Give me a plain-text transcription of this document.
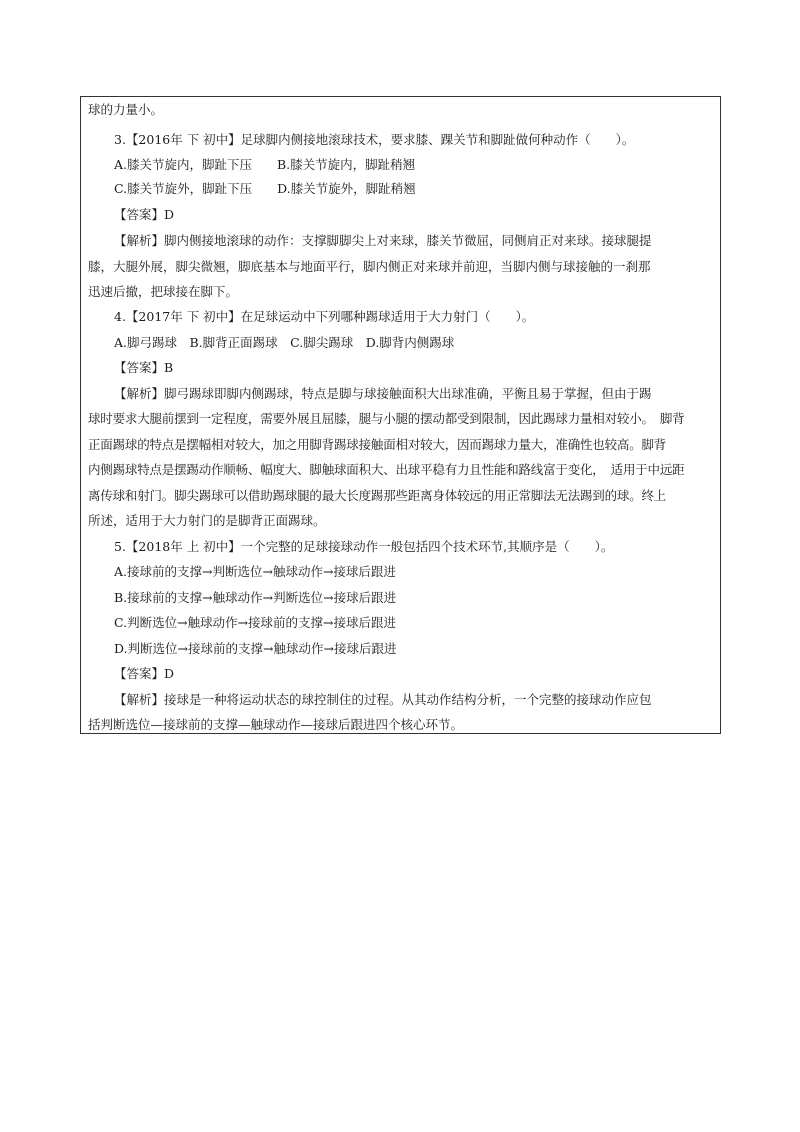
球的力量小。
3.【2016年 下 初中】足球脚内侧接地滚球技术，要求膝、踝关节和脚趾做何种动作（　　）。
A.膝关节旋内，脚趾下压　　B.膝关节旋内，脚趾稍翘
C.膝关节旋外，脚趾下压　　D.膝关节旋外，脚趾稍翘
【答案】D
【解析】脚内侧接地滚球的动作：支撑脚脚尖上对来球，膝关节微屈，同侧肩正对来球。接球腿提
膝，大腿外展，脚尖微翘，脚底基本与地面平行，脚内侧正对来球并前迎，当脚内侧与球接触的一刹那
迅速后撤，把球接在脚下。
4.【2017年 下 初中】在足球运动中下列哪种踢球适用于大力射门（　　）。
A.脚弓踢球　B.脚背正面踢球　C.脚尖踢球　D.脚背内侧踢球
【答案】B
【解析】脚弓踢球即脚内侧踢球，特点是脚与球接触面积大出球准确，平衡且易于掌握，但由于踢
球时要求大腿前摆到一定程度，需要外展且屈膝，腿与小腿的摆动都受到限制，因此踢球力量相对较小。　脚背
正面踢球的特点是摆幅相对较大，加之用脚背踢球接触面相对较大，因而踢球力量大，准确性也较高。脚背
内侧踢球特点是摆踢动作顺畅、幅度大、脚触球面积大、出球平稳有力且性能和路线富于变化，　适用于中远距
离传球和射门。脚尖踢球可以借助踢球腿的最大长度踢那些距离身体较远的用正常脚法无法踢到的球。终上
所述，适用于大力射门的是脚背正面踢球。
5.【2018年 上 初中】一个完整的足球接球动作一般包括四个技术环节,其顺序是（　　）。
A.接球前的支撑→判断选位→触球动作→接球后跟进
B.接球前的支撑→触球动作→判断选位→接球后跟进
C.判断选位→触球动作→接球前的支撑→接球后跟进
D.判断选位→接球前的支撑→触球动作→接球后跟进
【答案】D
【解析】接球是一种将运动状态的球控制住的过程。从其动作结构分析，一个完整的接球动作应包
括判断选位—接球前的支撑—触球动作—接球后跟进四个核心环节。
